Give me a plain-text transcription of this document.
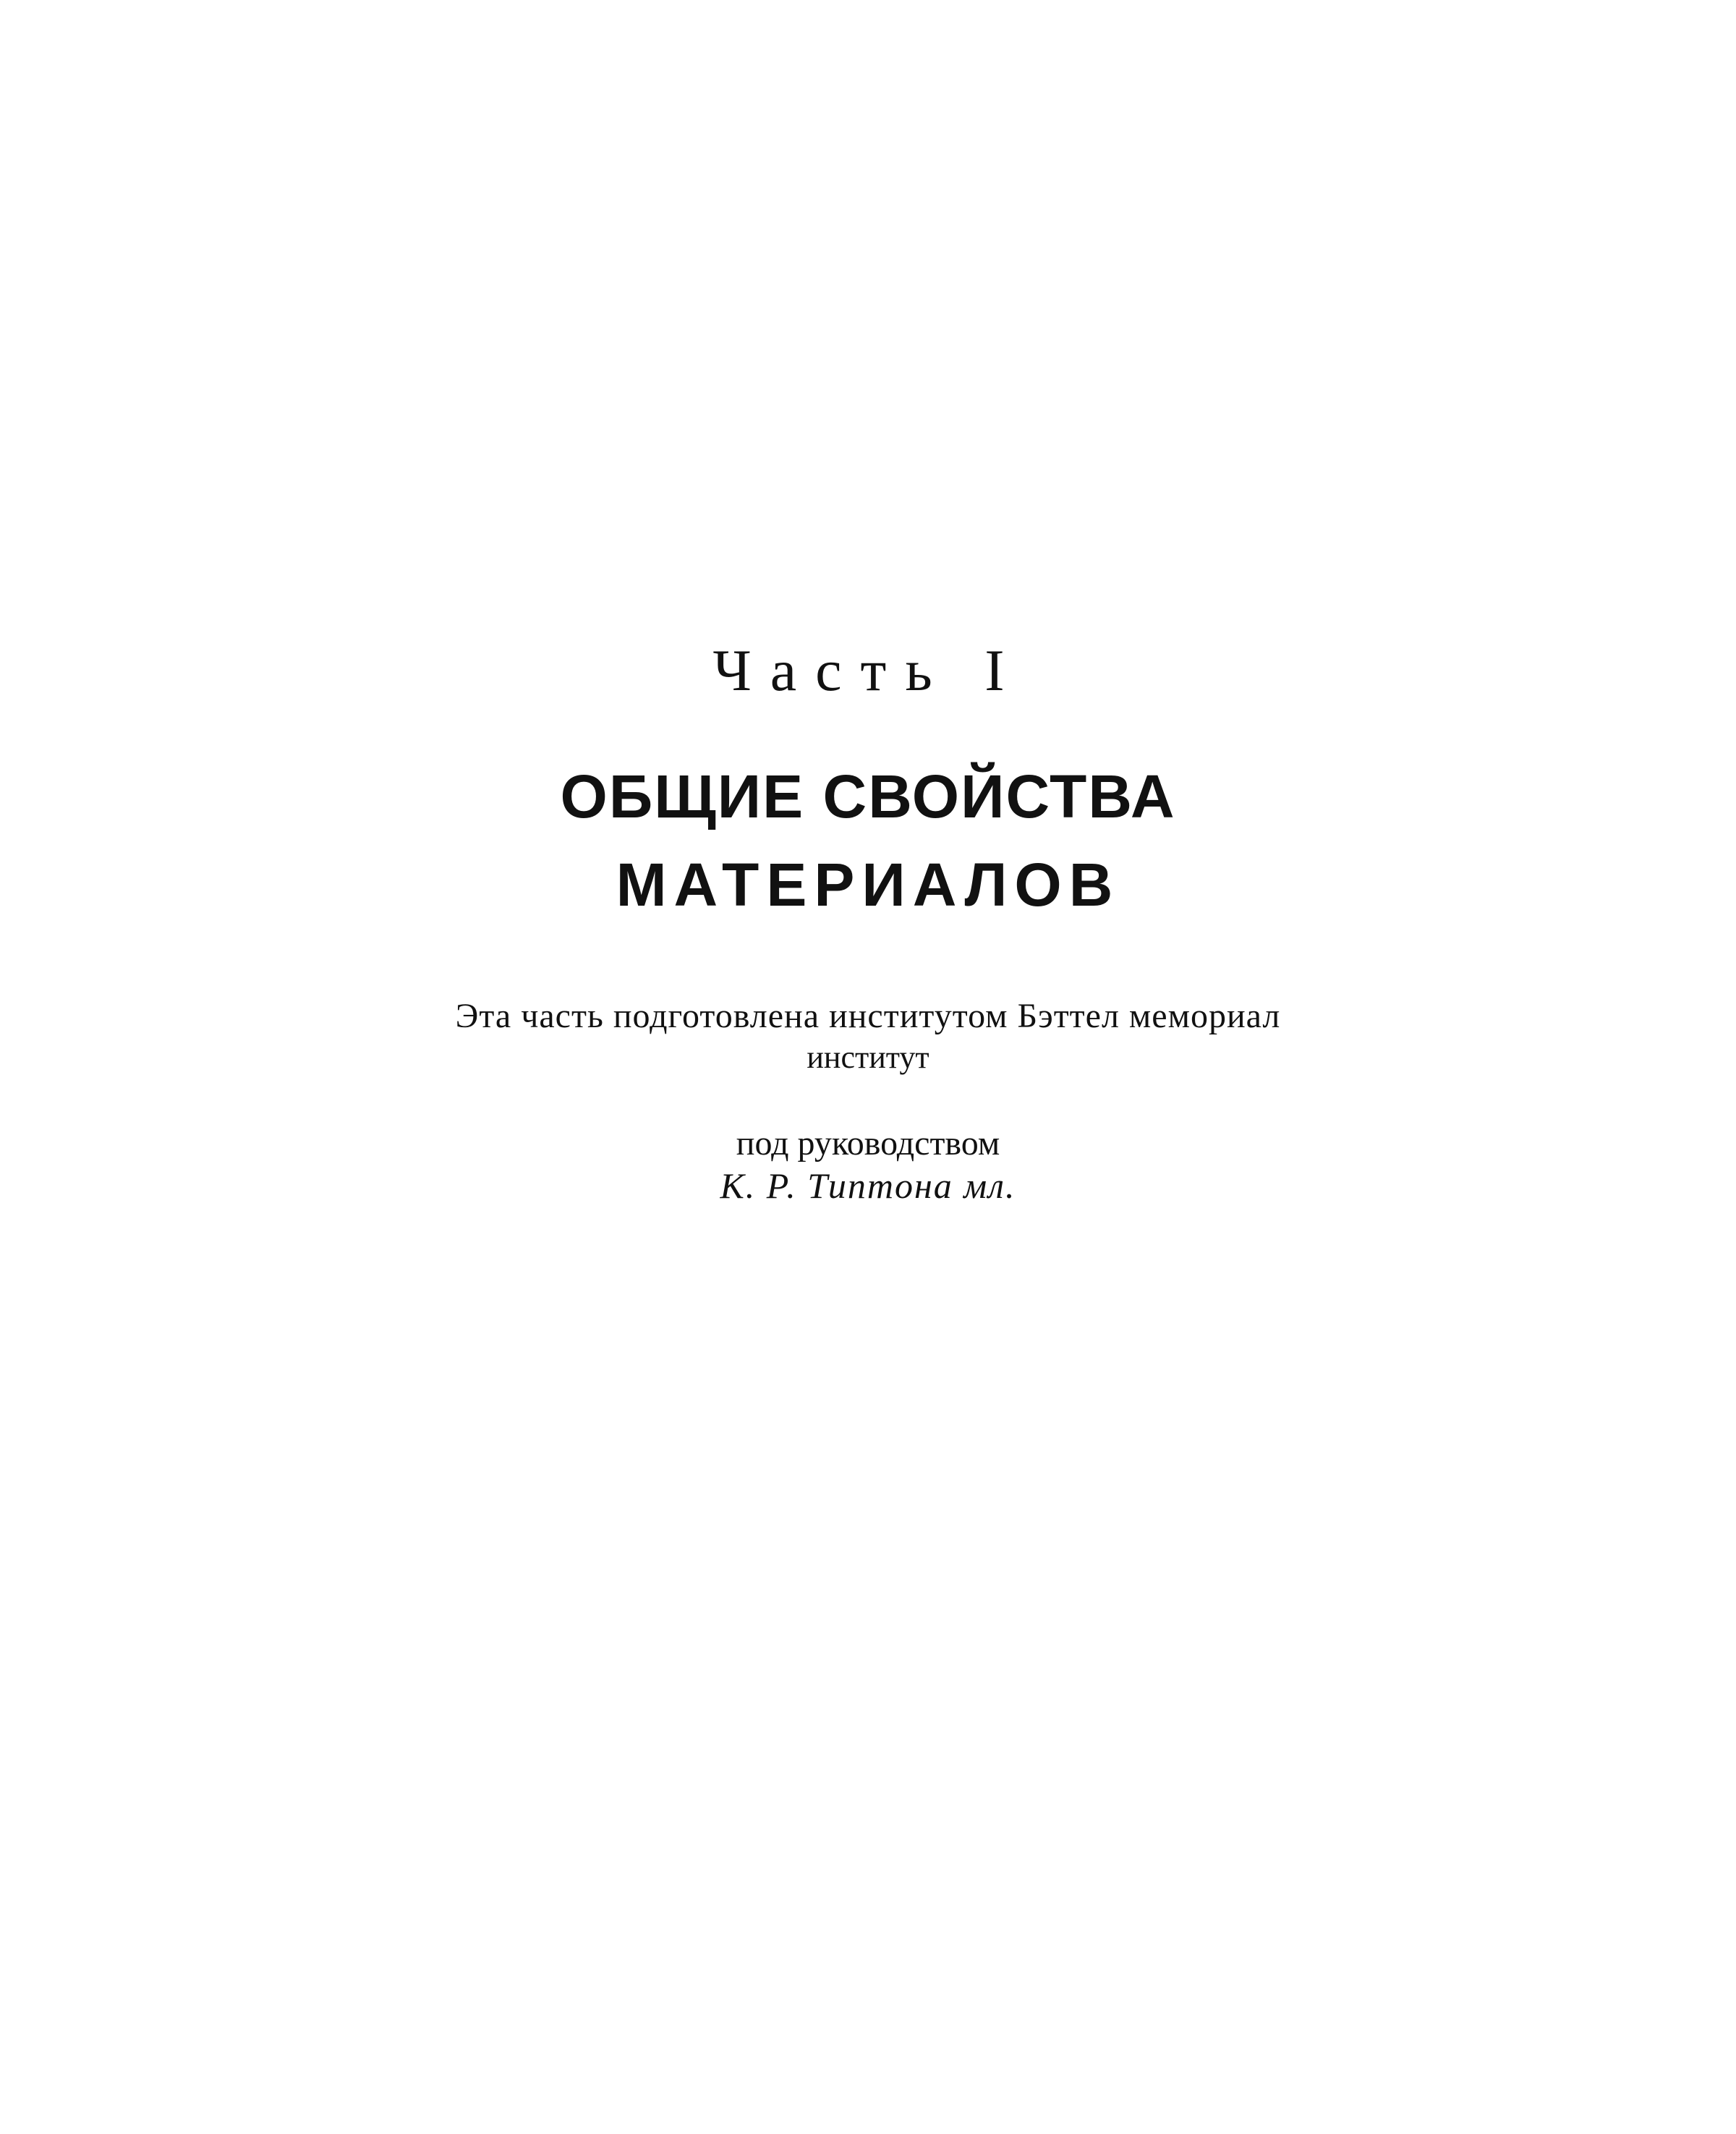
Часть I

ОБЩИЕ СВОЙСТВА
МАТЕРИАЛОВ

Эта часть подготовлена институтом Бэттел мемориал

институт

под руководством

К. Р. Типтона мл.
